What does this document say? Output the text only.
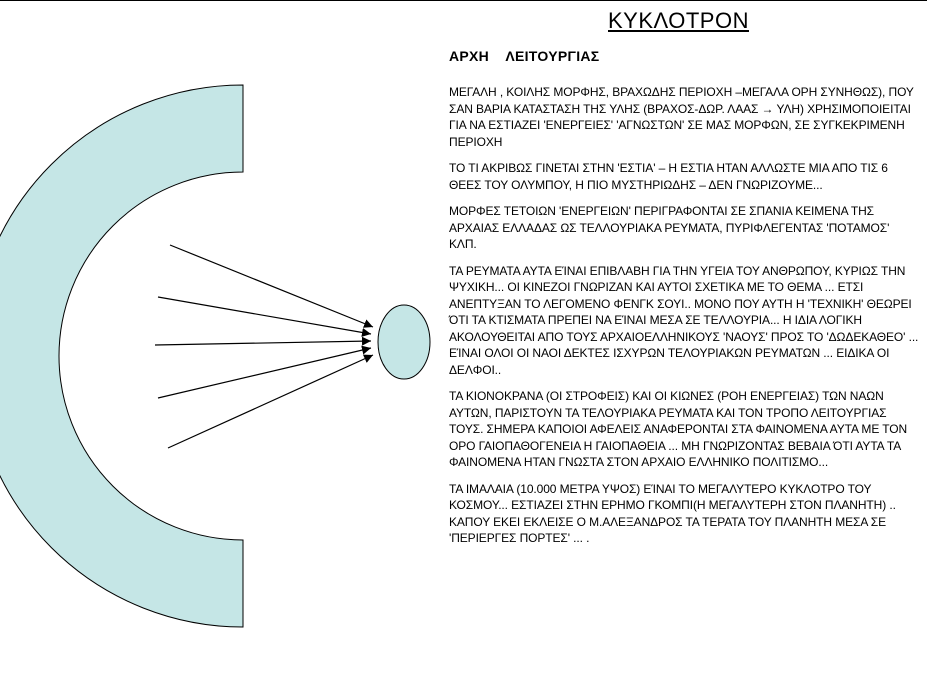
ΚΥΚΛΟΤΡΟΝ
ΑΡΧΗ    ΛΕΙΤΟΥΡΓΙΑΣ

ΜΕΓΑΛΗ , ΚΟΙΛΗΣ ΜΟΡΦΗΣ, ΒΡΑΧΩΔΗΣ ΠΕΡΙΟΧΗ –ΜΕΓΑΛΑ ΟΡΗ ΣΥΝΗΘΩΣ), ΠΟΥ ΣΑΝ ΒΑΡΙΑ ΚΑΤΑΣΤΑΣΗ ΤΗΣ ΥΛΗΣ (ΒΡΑΧΟΣ-ΔΩΡ. ΛΑΑΣ → ΥΛΗ) ΧΡΗΣΙΜΟΠΟΙΕΙΤΑΙ ΓΙΑ ΝΑ ΕΣΤΙΑΖΕΙ 'ΕΝΕΡΓΕΙΕΣ' 'ΑΓΝΩΣΤΩΝ' ΣΕ ΜΑΣ ΜΟΡΦΩΝ, ΣΕ ΣΥΓΚΕΚΡΙΜΕΝΗ ΠΕΡΙΟΧΗ

ΤΟ ΤΙ ΑΚΡΙΒΩΣ ΓΙΝΕΤΑΙ ΣΤΗΝ 'ΕΣΤΙΑ' – Η ΕΣΤΙΑ ΗΤΑΝ ΑΛΛΩΣΤΕ ΜΙΑ ΑΠΟ ΤΙΣ 6 ΘΕΕΣ ΤΟΥ ΟΛΥΜΠΟΥ, Η ΠΙΟ ΜΥΣΤΗΡΙΩΔΗΣ – ΔΕΝ ΓΝΩΡΙΖΟΥΜΕ...

ΜΟΡΦΕΣ ΤΕΤΟΙΩΝ 'ΕΝΕΡΓΕΙΩΝ' ΠΕΡΙΓΡΑΦΟΝΤΑΙ ΣΕ ΣΠΑΝΙΑ ΚΕΙΜΕΝΑ ΤΗΣ ΑΡΧΑΙΑΣ ΕΛΛΑΔΑΣ ΩΣ ΤΕΛΛΟΥΡΙΑΚΑ ΡΕΥΜΑΤΑ, ΠΥΡΙΦΛΕΓΕΝΤΑΣ 'ΠΟΤΑΜΟΣ' ΚΛΠ.

ΤΑ ΡΕΥΜΑΤΑ ΑΥΤΑ ΕΊΝΑΙ ΕΠΙΒΛΑΒΗ ΓΙΑ ΤΗΝ ΥΓΕΙΑ ΤΟΥ ΑΝΘΡΩΠΟΥ, ΚΥΡΙΩΣ ΤΗΝ ΨΥΧΙΚΗ... ΟΙ ΚΙΝΕΖΟΙ ΓΝΩΡΙΖΑΝ ΚΑΙ ΑΥΤΟΙ ΣΧΕΤΙΚΑ ΜΕ ΤΟ ΘΕΜΑ ... ΕΤΣΙ ΑΝΕΠΤΥΞΑΝ ΤΟ ΛΕΓΟΜΕΝΟ ΦΕΝΓΚ ΣΟΥΙ.. ΜΟΝΟ ΠΟΥ ΑΥΤΗ Η 'ΤΕΧΝΙΚΗ' ΘΕΩΡΕΙ ΌΤΙ ΤΑ ΚΤΙΣΜΑΤΑ ΠΡΕΠΕΙ ΝΑ ΕΊΝΑΙ ΜΕΣΑ ΣΕ ΤΕΛΛΟΥΡΙΑ... Η ΙΔΙΑ ΛΟΓΙΚΗ ΑΚΟΛΟΥΘΕΙΤΑΙ ΑΠΟ ΤΟΥΣ ΑΡΧΑΙΟΕΛΛΗΝΙΚΟΥΣ 'ΝΑΟΥΣ' ΠΡΟΣ ΤΟ 'ΔΩΔΕΚΑΘΕΟ' ... ΕΊΝΑΙ ΟΛΟΙ ΟΙ ΝΑΟΙ ΔΕΚΤΕΣ ΙΣΧΥΡΩΝ ΤΕΛΟΥΡΙΑΚΩΝ ΡΕΥΜΑΤΩΝ ... ΕΙΔΙΚΑ ΟΙ ΔΕΛΦΟΙ..

ΤΑ ΚΙΟΝΟΚΡΑΝΑ (ΟΙ ΣΤΡΟΦΕΙΣ) ΚΑΙ ΟΙ ΚΙΩΝΕΣ (ΡΟΗ ΕΝΕΡΓΕΙΑΣ) ΤΩΝ ΝΑΩΝ ΑΥΤΩΝ, ΠΑΡΙΣΤΟΥΝ ΤΑ ΤΕΛΟΥΡΙΑΚΑ ΡΕΥΜΑΤΑ ΚΑΙ ΤΟΝ ΤΡΟΠΟ ΛΕΙΤΟΥΡΓΙΑΣ ΤΟΥΣ. ΣΗΜΕΡΑ ΚΑΠΟΙΟΙ ΑΦΕΛΕΙΣ ΑΝΑΦΕΡΟΝΤΑΙ ΣΤΑ ΦΑΙΝΟΜΕΝΑ ΑΥΤΑ ΜΕ ΤΟΝ ΟΡΟ ΓΑΙΟΠΑΘΟΓΕΝΕΙΑ Η ΓΑΙΟΠΑΘΕΙΑ ... ΜΗ ΓΝΩΡΙΖΟΝΤΑΣ ΒΕΒΑΙΑ ΌΤΙ ΑΥΤΑ ΤΑ ΦΑΙΝΟΜΕΝΑ ΗΤΑΝ ΓΝΩΣΤΑ ΣΤΟΝ ΑΡΧΑΙΟ ΕΛΛΗΝΙΚΟ ΠΟΛΙΤΙΣΜΟ...

ΤΑ ΙΜΑΛΑΙΑ (10.000 ΜΕΤΡΑ ΥΨΟΣ) ΕΊΝΑΙ ΤΟ ΜΕΓΑΛΥΤΕΡΟ ΚΥΚΛΟΤΡΟ ΤΟΥ ΚΟΣΜΟΥ... ΕΣΤΙΑΖΕΙ ΣΤΗΝ ΕΡΗΜΟ ΓΚΟΜΠΙ(Η ΜΕΓΑΛΥΤΕΡΗ ΣΤΟΝ ΠΛΑΝΗΤΗ) .. ΚΑΠΟΥ ΕΚΕΙ ΕΚΛΕΙΣΕ Ο Μ.ΑΛΕΞΑΝΔΡΟΣ ΤΑ ΤΕΡΑΤΑ ΤΟΥ ΠΛΑΝΗΤΗ ΜΕΣΑ ΣΕ 'ΠΕΡΙΕΡΓΕΣ ΠΟΡΤΕΣ' ... .
